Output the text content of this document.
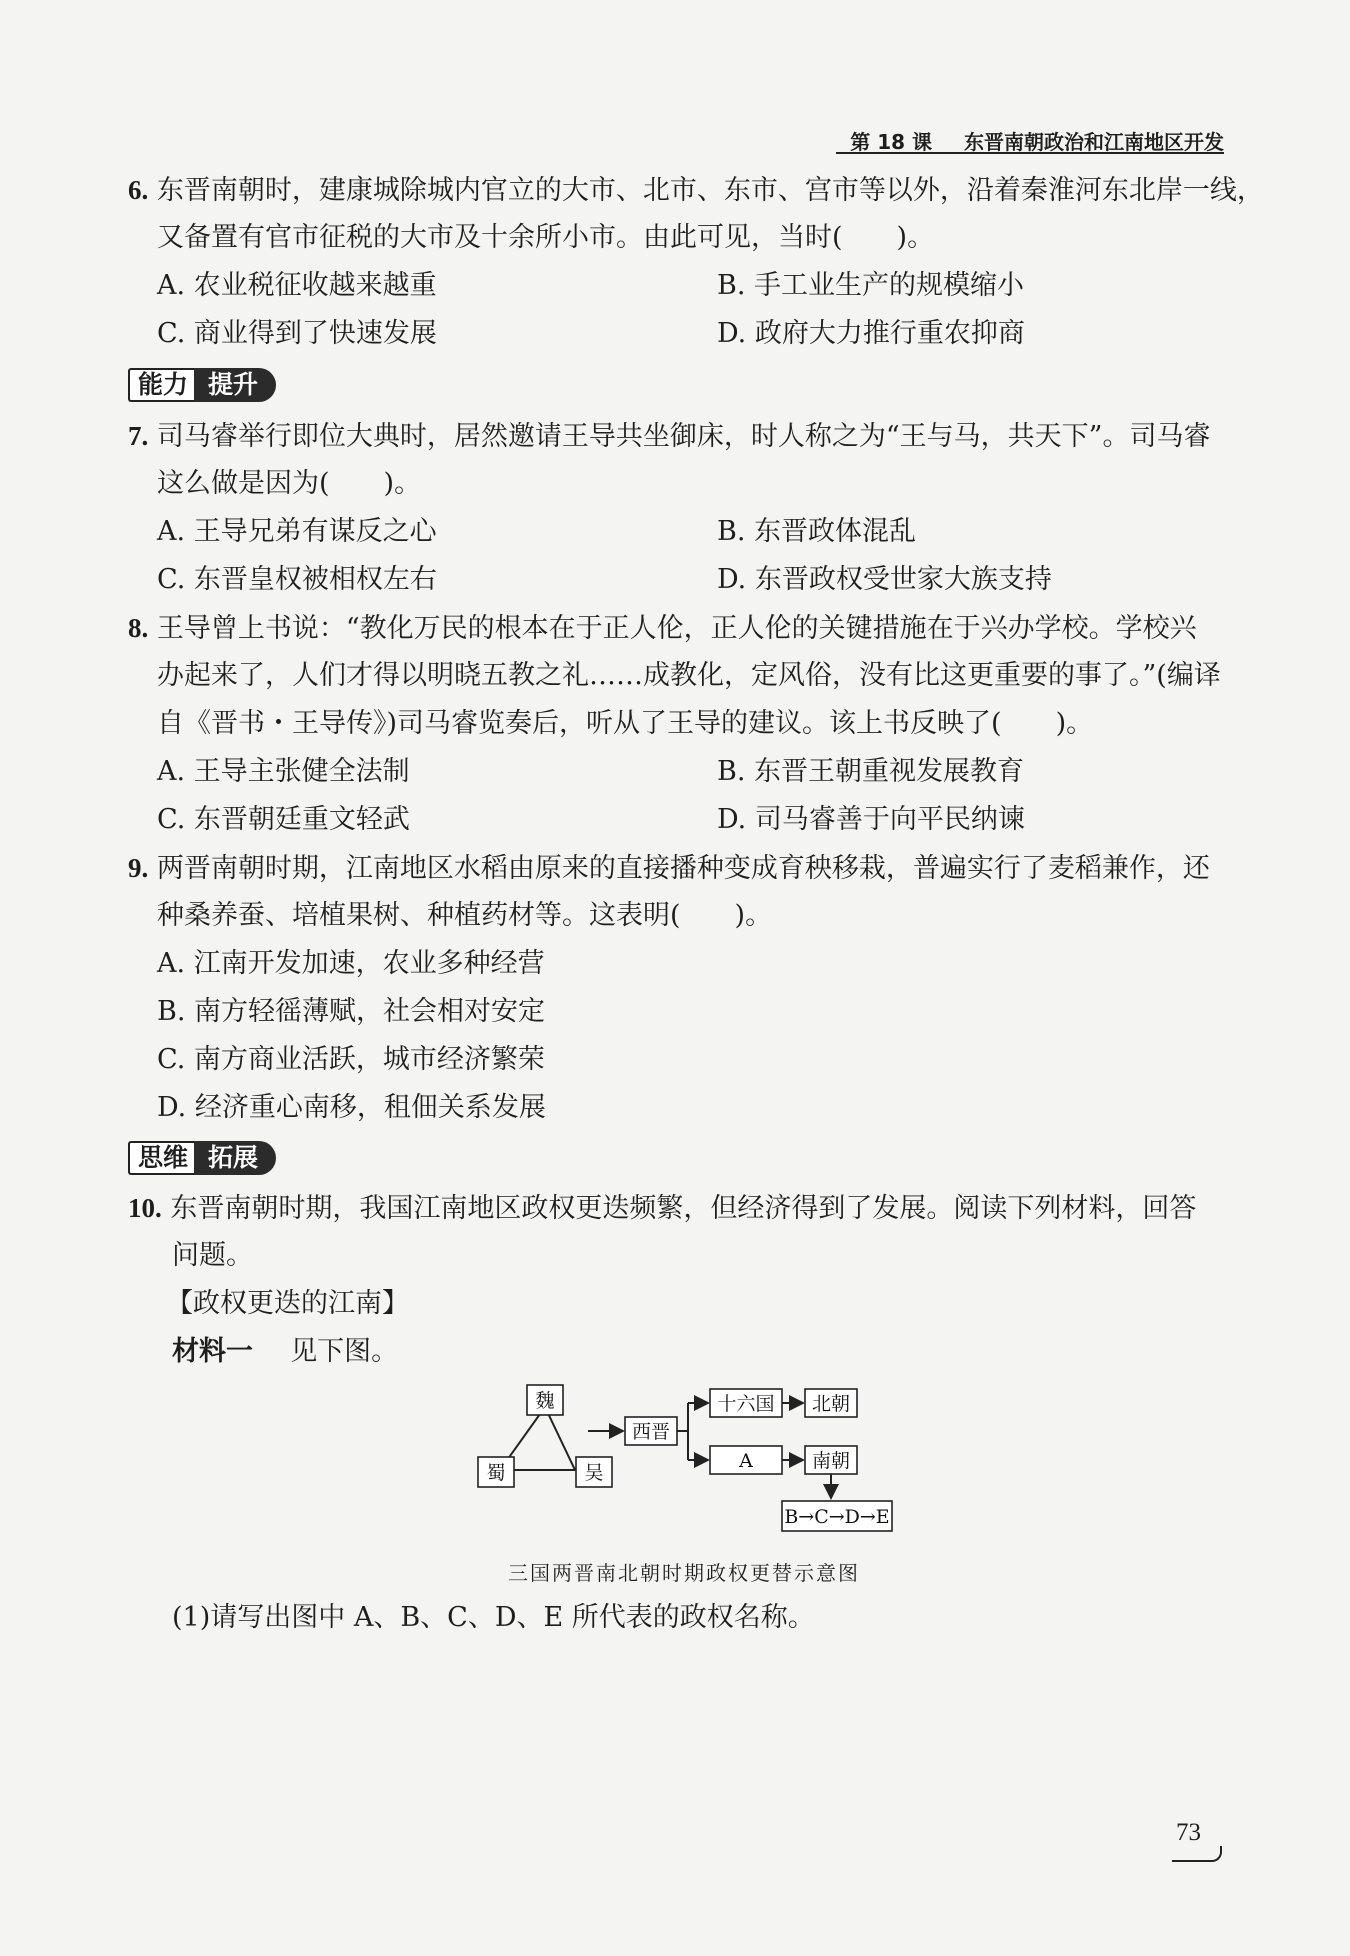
第 18 课 东晋南朝政治和江南地区开发
6. 东晋南朝时，建康城除城内官立的大市、北市、东市、宫市等以外，沿着秦淮河东北岸一线，
又备置有官市征税的大市及十余所小市。由此可见，当时(　　)。
A. 农业税征收越来越重	B. 手工业生产的规模缩小
C. 商业得到了快速发展	D. 政府大力推行重农抑商
能力 提升
7. 司马睿举行即位大典时，居然邀请王导共坐御床，时人称之为“王与马，共天下”。司马睿
这么做是因为(　　)。
A. 王导兄弟有谋反之心	B. 东晋政体混乱
C. 东晋皇权被相权左右	D. 东晋政权受世家大族支持
8. 王导曾上书说：“教化万民的根本在于正人伦，正人伦的关键措施在于兴办学校。学校兴
办起来了，人们才得以明晓五教之礼……成教化，定风俗，没有比这更重要的事了。”(编译
自《晋书・王导传》)司马睿览奏后，听从了王导的建议。该上书反映了(　　)。
A. 王导主张健全法制	B. 东晋王朝重视发展教育
C. 东晋朝廷重文轻武	D. 司马睿善于向平民纳谏
9. 两晋南朝时期，江南地区水稻由原来的直接播种变成育秧移栽，普遍实行了麦稻兼作，还
种桑养蚕、培植果树、种植药材等。这表明(　　)。
A. 江南开发加速，农业多种经营
B. 南方轻徭薄赋，社会相对安定
C. 南方商业活跃，城市经济繁荣
D. 经济重心南移，租佃关系发展
思维 拓展
10. 东晋南朝时期，我国江南地区政权更迭频繁，但经济得到了发展。阅读下列材料，回答
问题。
【政权更迭的江南】
材料一 见下图。
魏
蜀	吴
西晋
十六国
A
北朝
南朝
B→C→D→E
三国两晋南北朝时期政权更替示意图
(1)请写出图中 A、B、C、D、E 所代表的政权名称。
73
